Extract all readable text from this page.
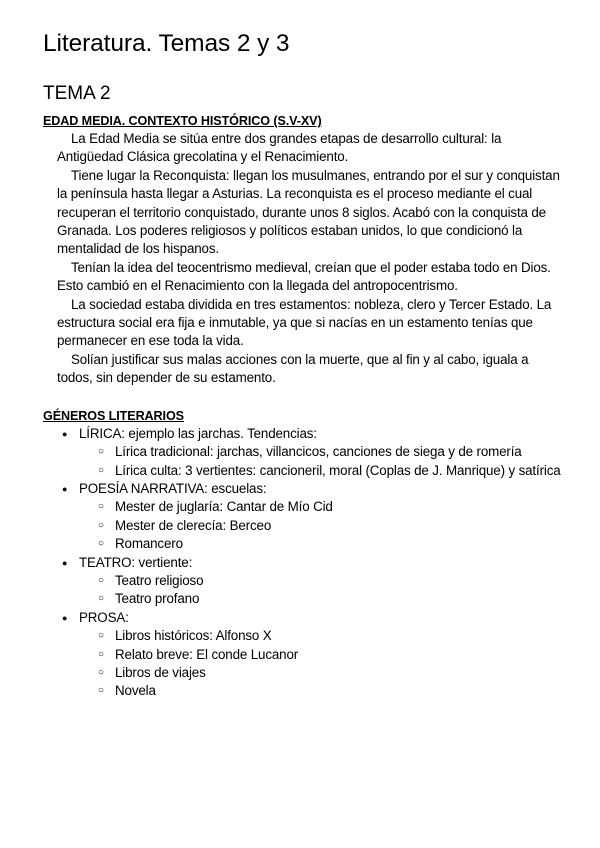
Literatura. Temas 2 y 3
TEMA 2
EDAD MEDIA. CONTEXTO HISTÓRICO (S.V-XV)

La Edad Media se sitúa entre dos grandes etapas de desarrollo cultural: la Antigüedad Clásica grecolatina y el Renacimiento.

Tiene lugar la Reconquista: llegan los musulmanes, entrando por el sur y conquistan la península hasta llegar a Asturias. La reconquista es el proceso mediante el cual recuperan el territorio conquistado, durante unos 8 siglos. Acabó con la conquista de Granada. Los poderes religiosos y políticos estaban unidos, lo que condicionó la mentalidad de los hispanos.

Tenían la idea del teocentrismo medieval, creían que el poder estaba todo en Dios. Esto cambió en el Renacimiento con la llegada del antropocentrismo.

La sociedad estaba dividida en tres estamentos: nobleza, clero y Tercer Estado. La estructura social era fija e inmutable, ya que si nacías en un estamento tenías que permanecer en ese toda la vida.

Solían justificar sus malas acciones con la muerte, que al fin y al cabo, iguala a todos, sin depender de su estamento.

GÉNEROS LITERARIOS
● LÍRICA: ejemplo las jarchas. Tendencias:
○ Lírica tradicional: jarchas, villancicos, canciones de siega y de romería
○ Lírica culta: 3 vertientes: cancioneril, moral (Coplas de J. Manrique) y satírica
● POESÍA NARRATIVA: escuelas:
○ Mester de juglaría: Cantar de Mío Cid
○ Mester de clerecía: Berceo
○ Romancero
● TEATRO: vertiente:
○ Teatro religioso
○ Teatro profano
● PROSA:
○ Libros históricos: Alfonso X
○ Relato breve: El conde Lucanor
○ Libros de viajes
○ Novela
